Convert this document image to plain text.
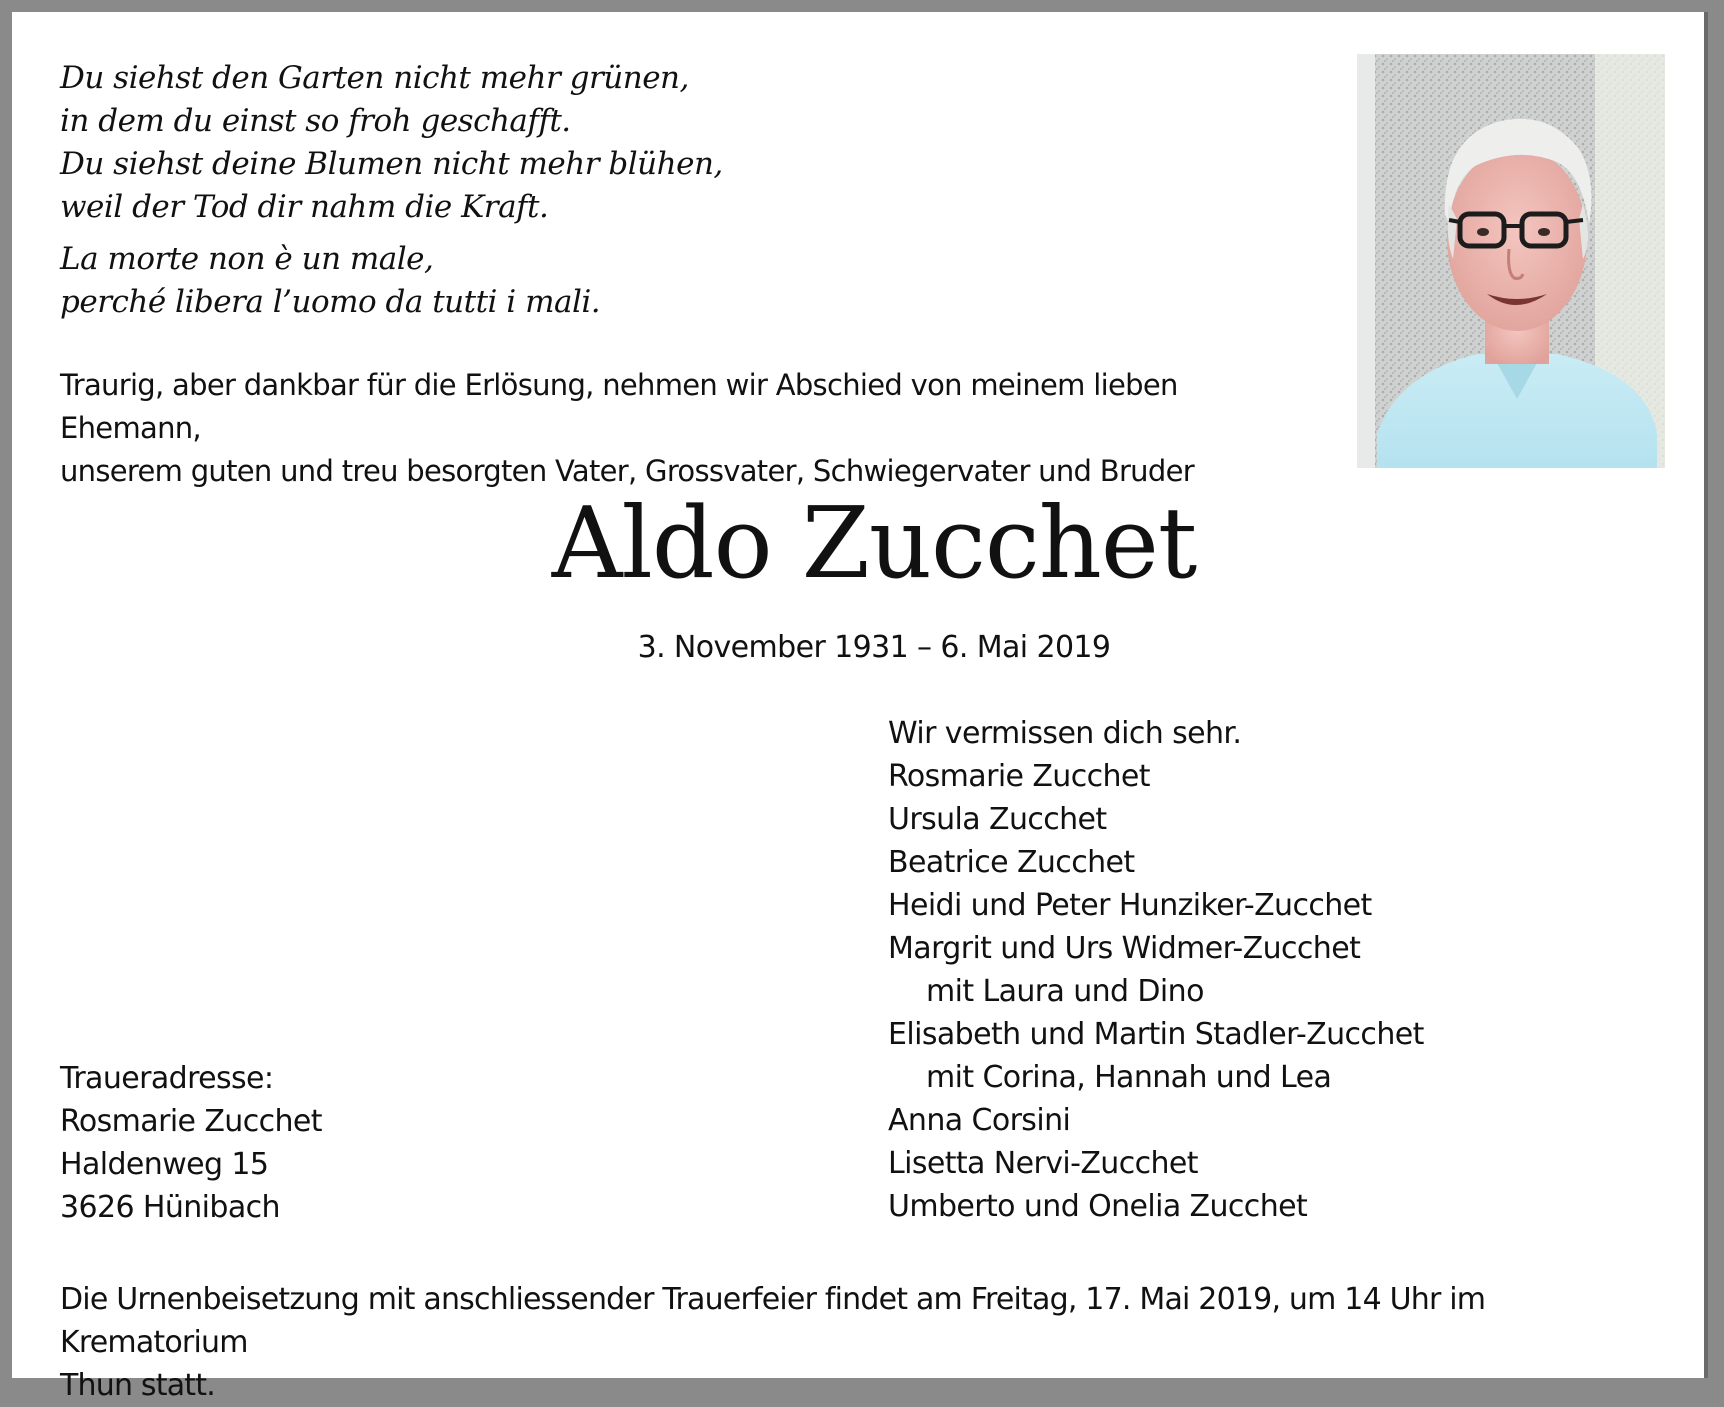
Du siehst den Garten nicht mehr grünen,
in dem du einst so froh geschafft.
Du siehst deine Blumen nicht mehr blühen,
weil der Tod dir nahm die Kraft.
La morte non è un male,
perché libera l’uomo da tutti i mali.
Traurig, aber dankbar für die Erlösung, nehmen wir Abschied von meinem lieben Ehemann,
unserem guten und treu besorgten Vater, Grossvater, Schwiegervater und Bruder
Aldo Zucchet
3. November 1931 – 6. Mai 2019
Wir vermissen dich sehr.
Rosmarie Zucchet
Ursula Zucchet
Beatrice Zucchet
Heidi und Peter Hunziker-Zucchet
Margrit und Urs Widmer-Zucchet
mit Laura und Dino
Elisabeth und Martin Stadler-Zucchet
mit Corina, Hannah und Lea
Anna Corsini
Lisetta Nervi-Zucchet
Umberto und Onelia Zucchet
Traueradresse:
Rosmarie Zucchet
Haldenweg 15
3626 Hünibach
Die Urnenbeisetzung mit anschliessender Trauerfeier findet am Freitag, 17. Mai 2019, um 14 Uhr im Krematorium
Thun statt.
